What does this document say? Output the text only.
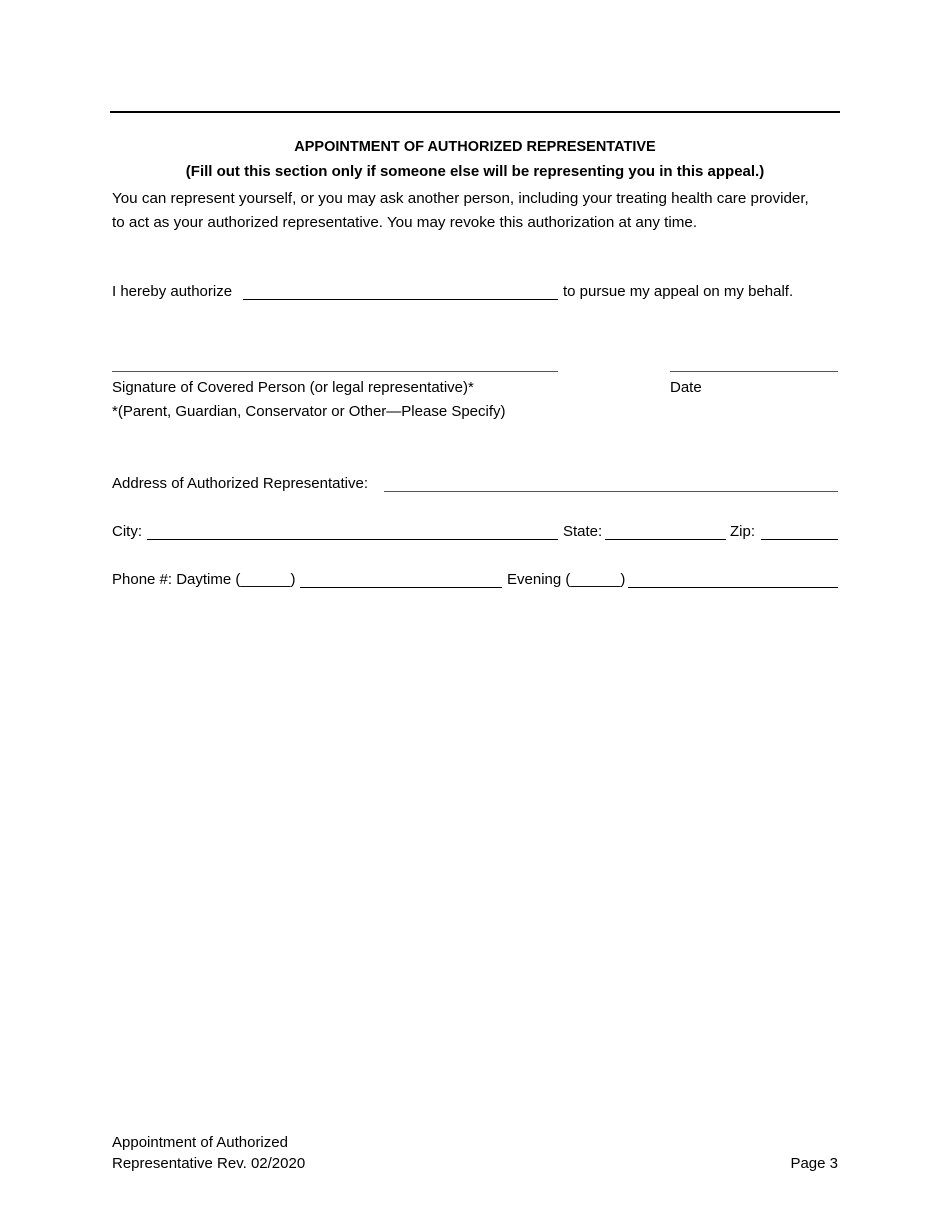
APPOINTMENT OF AUTHORIZED REPRESENTATIVE
(Fill out this section only if someone else will be representing you in this appeal.)
You can represent yourself, or you may ask another person, including your treating health care provider,
to act as your authorized representative. You may revoke this authorization at any time.
I hereby authorize	to pursue my appeal on my behalf.
Signature of Covered Person (or legal representative)*	Date
*(Parent, Guardian, Conservator or Other—Please Specify)
Address of Authorized Representative:
City:	State:	Zip:
Phone #: Daytime (______)	Evening (______)
Appointment of Authorized
Representative Rev. 02/2020	Page 3
